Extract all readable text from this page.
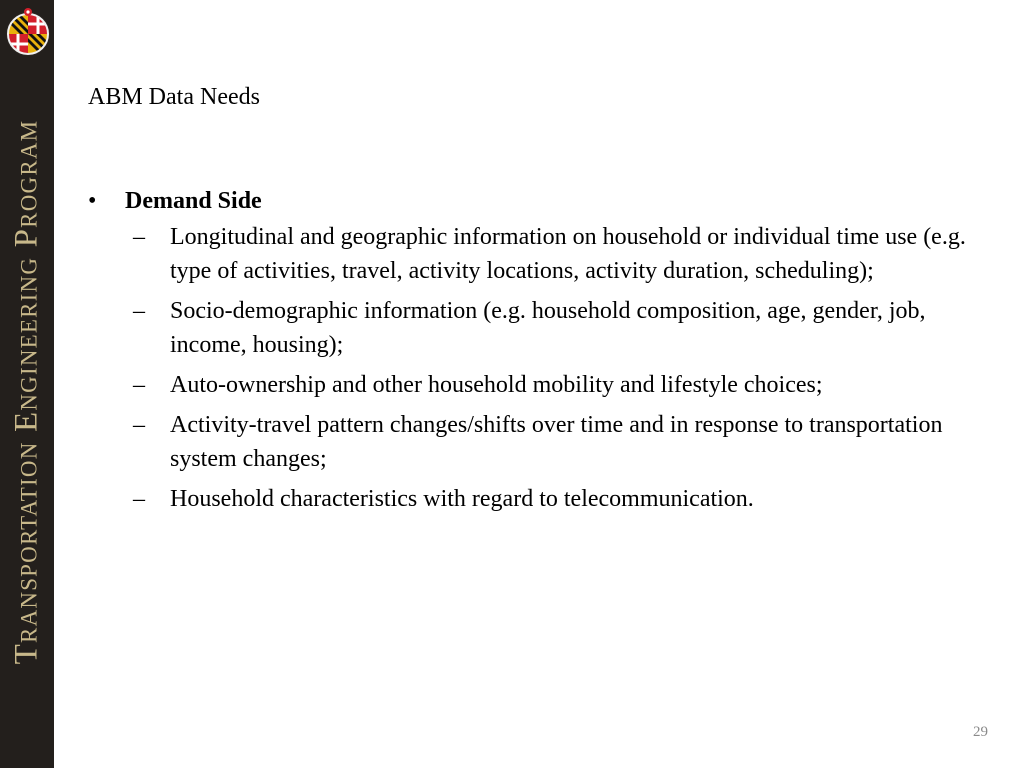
Transportation Engineering Program
ABM Data Needs
• Demand Side
– Longitudinal and geographic information on household or individual time use (e.g. type of activities, travel, activity locations, activity duration, scheduling);
– Socio-demographic information (e.g. household composition, age, gender, job, income, housing);
– Auto-ownership and other household mobility and lifestyle choices;
– Activity-travel pattern changes/shifts over time and in response to transportation system changes;
– Household characteristics with regard to telecommunication.
29
